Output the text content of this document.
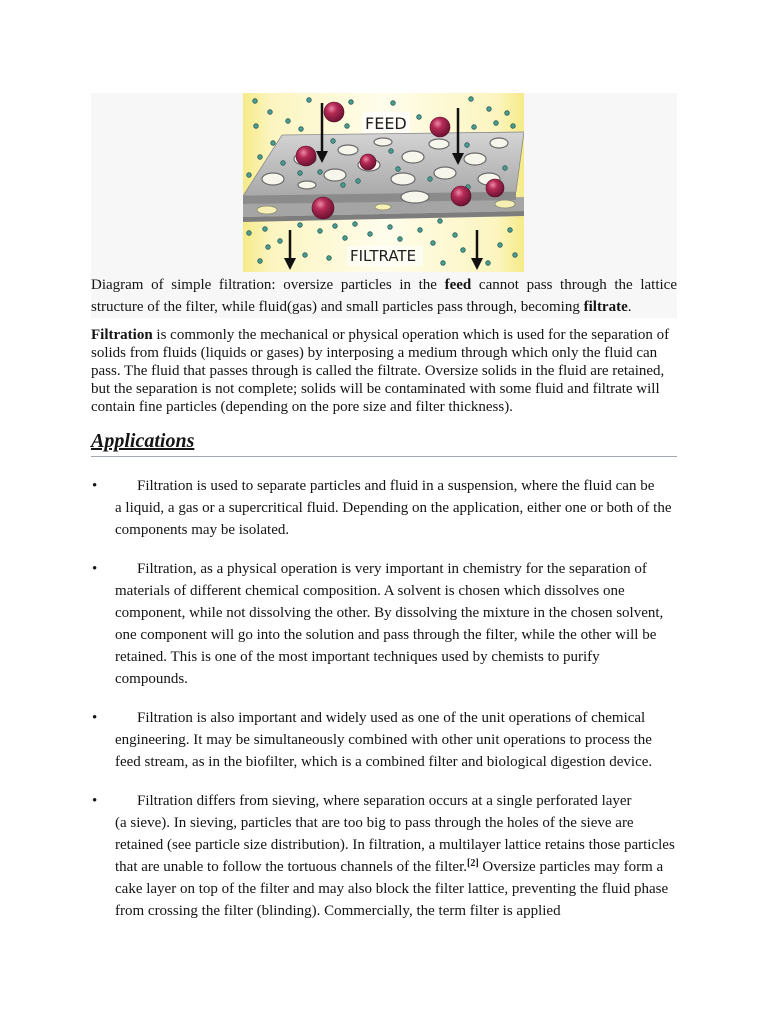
FEED
FILTRATE
Diagram of simple filtration: oversize particles in the feed cannot pass through the lattice
structure of the filter, while fluid(gas) and small particles pass through, becoming filtrate.
Filtration is commonly the mechanical or physical operation which is used for the separation of
solids from fluids (liquids or gases) by interposing a medium through which only the fluid can
pass. The fluid that passes through is called the filtrate. Oversize solids in the fluid are retained,
but the separation is not complete; solids will be contaminated with some fluid and filtrate will
contain fine particles (depending on the pore size and filter thickness).
Applications
•	Filtration is used to separate particles and fluid in a suspension, where the fluid can be
a liquid, a gas or a supercritical fluid. Depending on the application, either one or both of the
components may be isolated.
•	Filtration, as a physical operation is very important in chemistry for the separation of
materials of different chemical composition. A solvent is chosen which dissolves one
component, while not dissolving the other. By dissolving the mixture in the chosen solvent,
one component will go into the solution and pass through the filter, while the other will be
retained. This is one of the most important techniques used by chemists to purify
compounds.
•	Filtration is also important and widely used as one of the unit operations of chemical
engineering. It may be simultaneously combined with other unit operations to process the
feed stream, as in the biofilter, which is a combined filter and biological digestion device.
•	Filtration differs from sieving, where separation occurs at a single perforated layer
(a sieve). In sieving, particles that are too big to pass through the holes of the sieve are
retained (see particle size distribution). In filtration, a multilayer lattice retains those particles
that are unable to follow the tortuous channels of the filter.[2] Oversize particles may form a
cake layer on top of the filter and may also block the filter lattice, preventing the fluid phase
from crossing the filter (blinding). Commercially, the term filter is applied
